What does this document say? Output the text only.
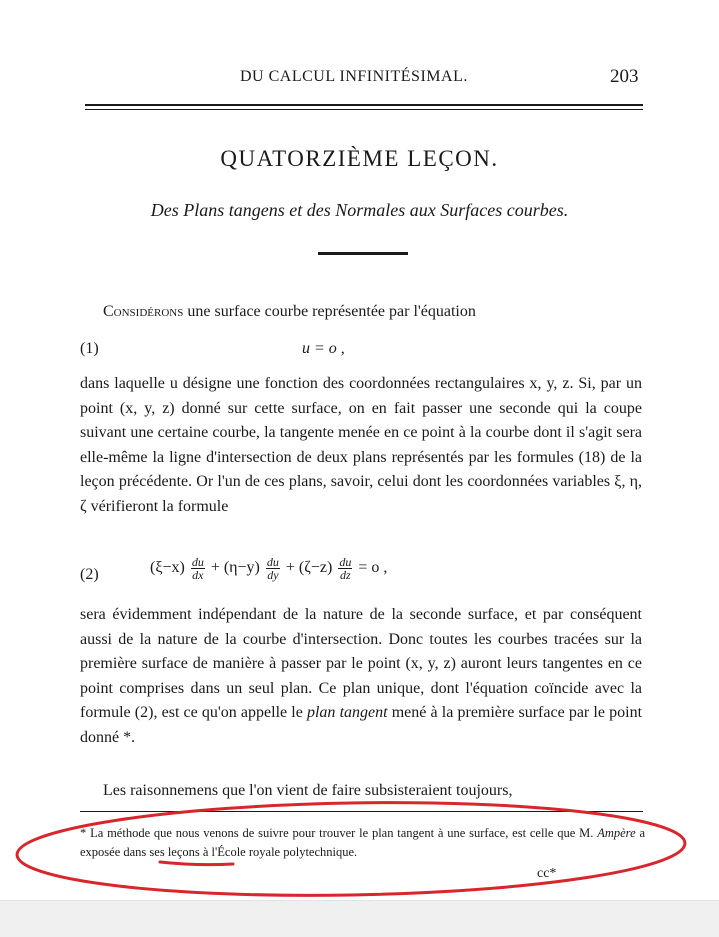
DU CALCUL INFINITÉSIMAL.	203
QUATORZIÈME LEÇON.
Des Plans tangens et des Normales aux Surfaces courbes.
Considérons une surface courbe représentée par l'équation
(1)	u = o ,

dans laquelle u désigne une fonction des coordonnées rectangulaires x, y, z. Si, par un point (x, y, z) donné sur cette surface, on en fait passer une seconde qui la coupe suivant une certaine courbe, la tangente menée en ce point à la courbe dont il s'agit sera elle-même la ligne d'intersection de deux plans représentés par les formules (18) de la leçon précédente. Or l'un de ces plans, savoir, celui dont les coordonnées variables ξ, η, ζ vérifieront la formule

(2)	$(\xi-x) \frac{du}{dx} + (\eta-y) \frac{du}{dy} + (\zeta-z) \frac{du}{dz} = o$ ,

sera évidemment indépendant de la nature de la seconde surface, et par conséquent aussi de la nature de la courbe d'intersection. Donc toutes les courbes tracées sur la première surface de manière à passer par le point (x, y, z) auront leurs tangentes en ce point comprises dans un seul plan. Ce plan unique, dont l'équation coïncide avec la formule (2), est ce qu'on appelle le plan tangent mené à la première surface par le point donné *.

Les raisonnemens que l'on vient de faire subsisteraient toujours,

* La méthode que nous venons de suivre pour trouver le plan tangent à une surface, est celle que M. Ampère a exposée dans ses leçons à l'École royale polytechnique.

cc*
